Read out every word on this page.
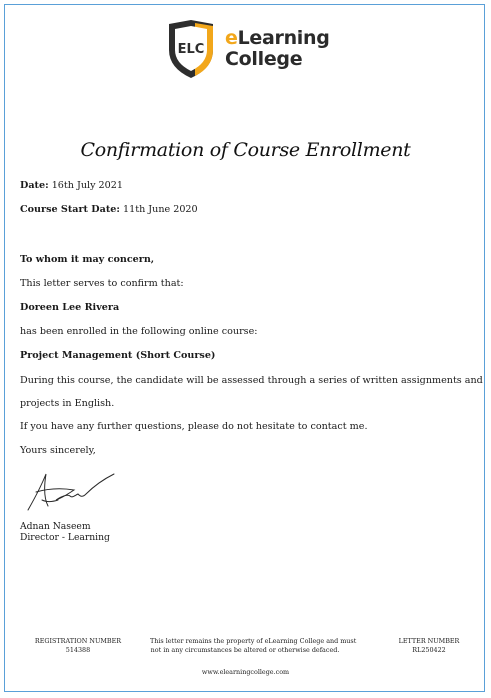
ELC
eLearning
College
Confirmation of Course Enrollment
Date: 16th July 2021
Course Start Date: 11th June 2020
To whom it may concern,
This letter serves to confirm that:
Doreen Lee Rivera
has been enrolled in the following online course:
Project Management (Short Course)
During this course, the candidate will be assessed through a series of written assignments and
projects in English.
If you have any further questions, please do not hesitate to contact me.
Yours sincerely,
Adnan Naseem
Director - Learning
REGISTRATION NUMBER
514388
This letter remains the property of eLearning College and must
not in any circumstances be altered or otherwise defaced.
LETTER NUMBER
RL250422
www.elearningcollege.com
